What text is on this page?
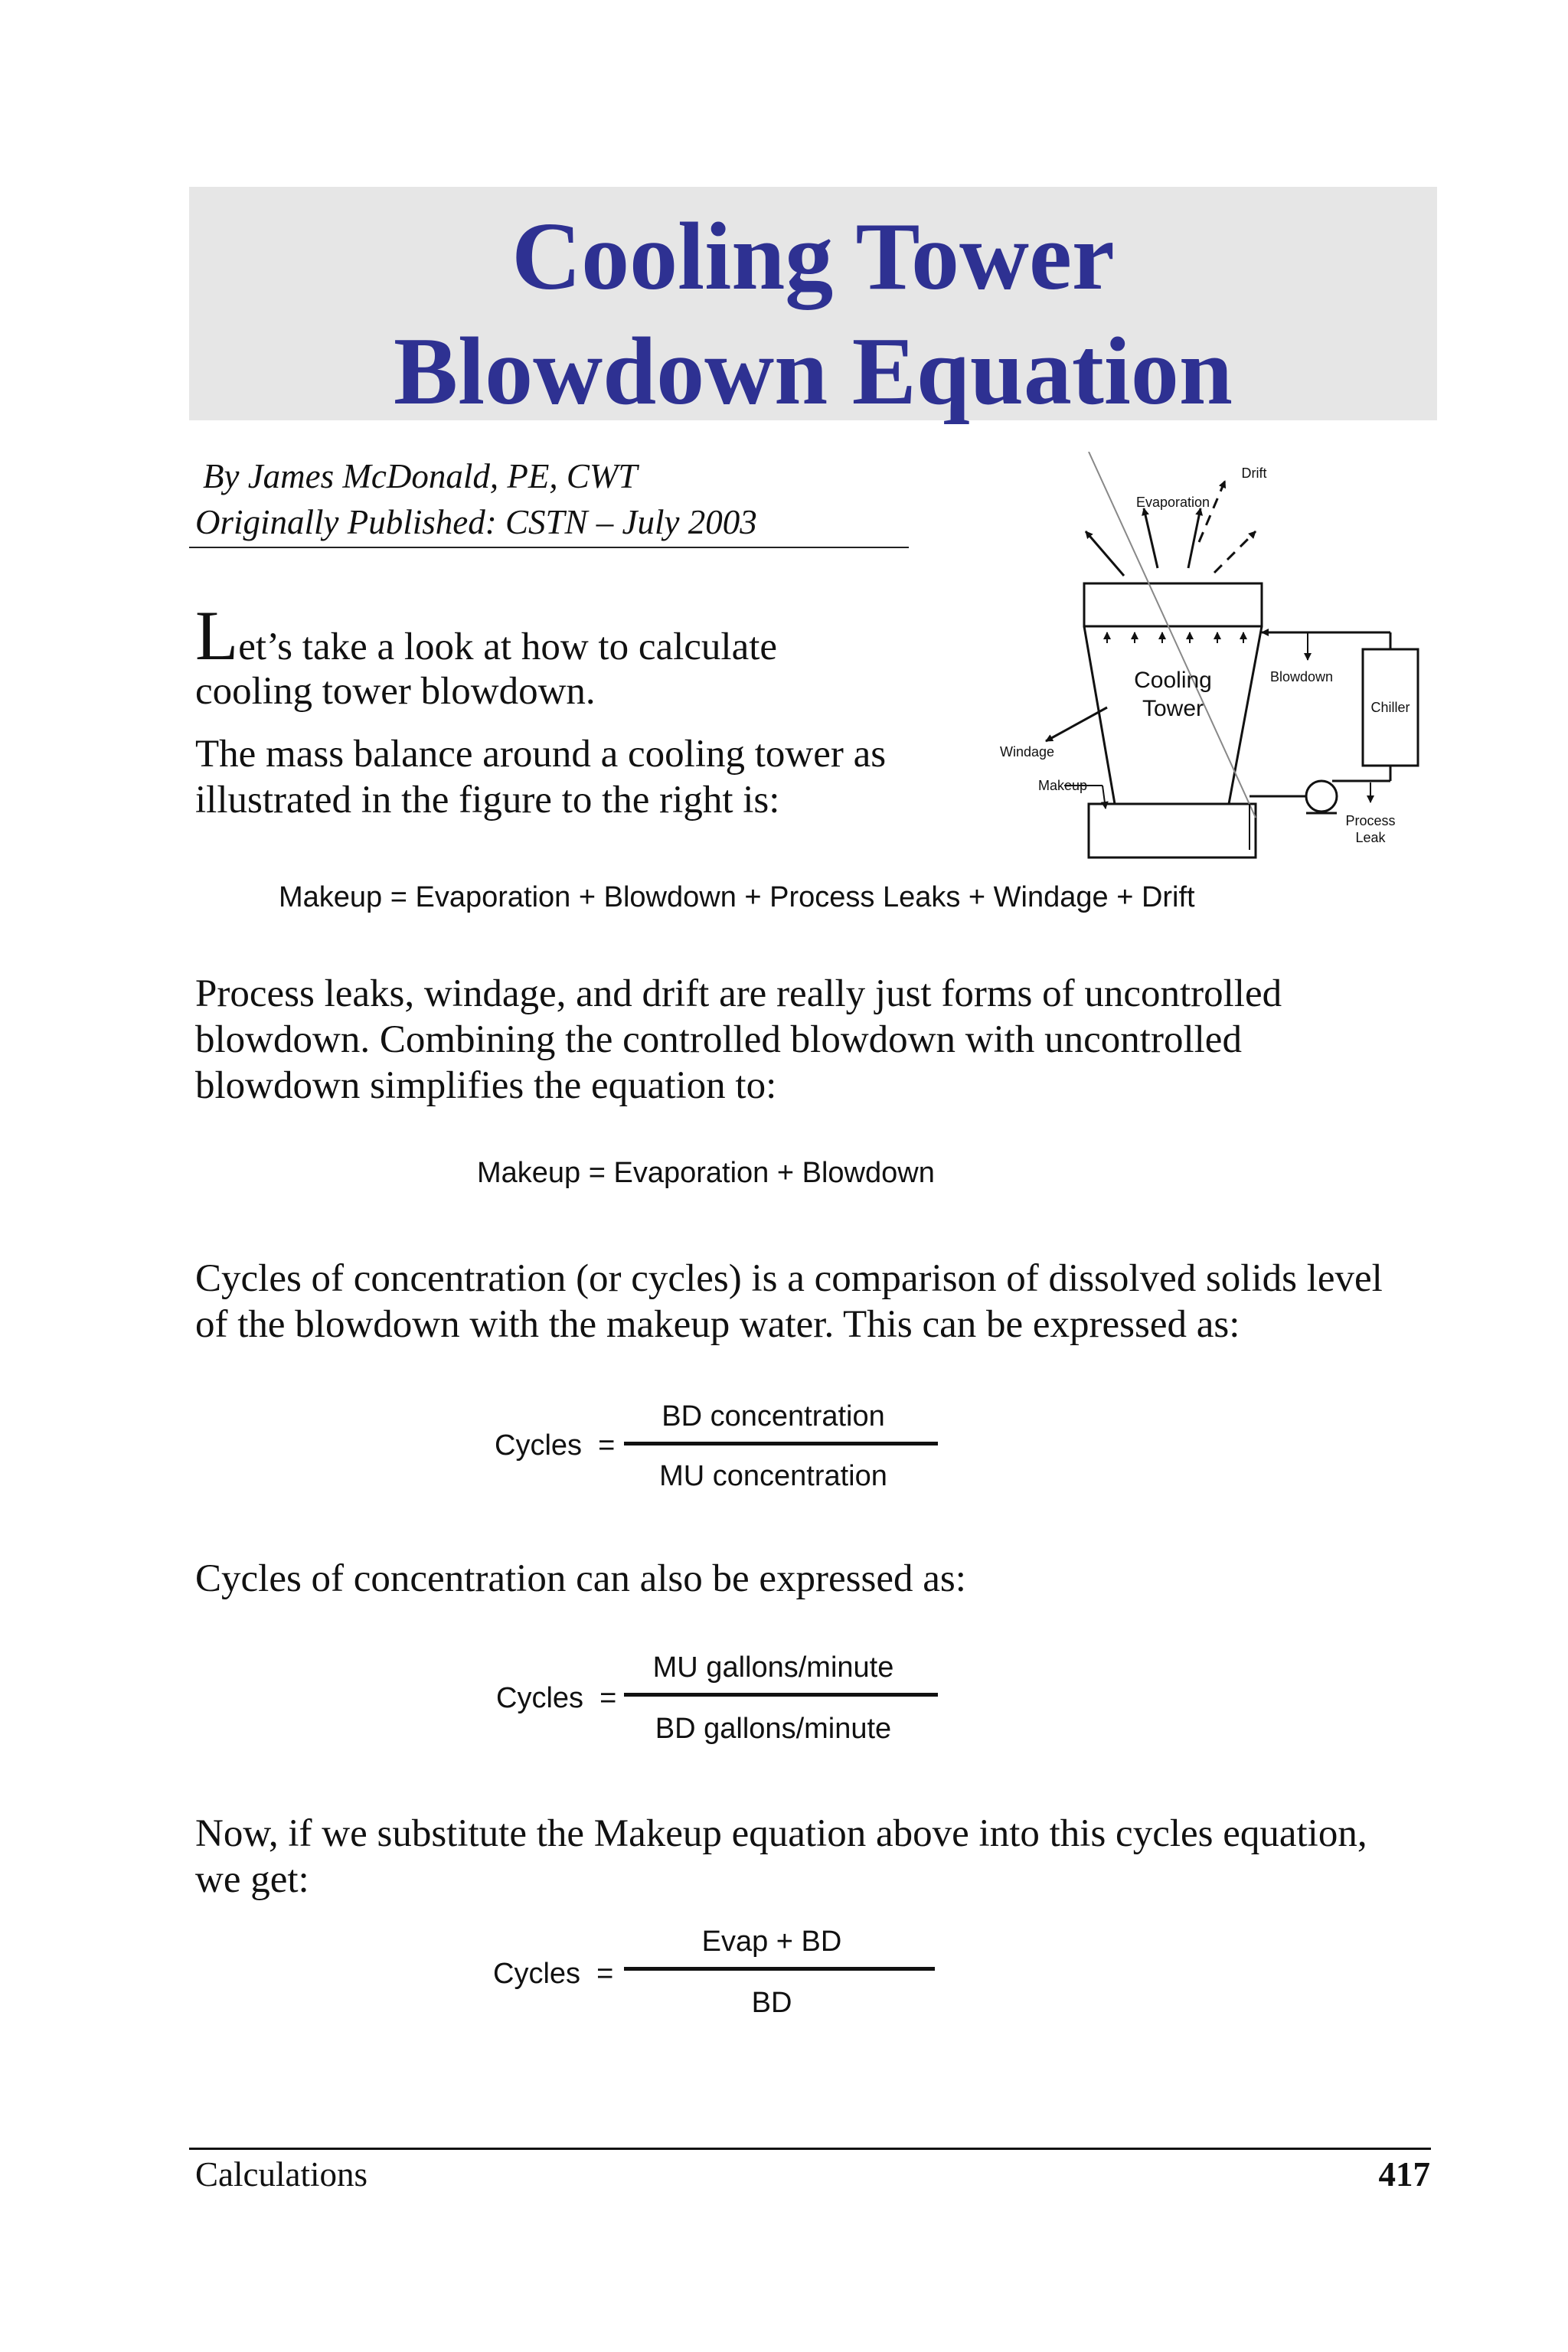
Cooling Tower
Blowdown Equation
By James McDonald, PE, CWT
Originally Published: CSTN – July 2003
Let’s take a look at how to calculate
cooling tower blowdown.
The mass balance around a cooling tower as
illustrated in the figure to the right is:
Drift
Evaporation
Cooling
Tower
Windage
Makeup
Chiller
Blowdown
Process
Leak
Makeup = Evaporation + Blowdown + Process Leaks + Windage + Drift
Process leaks, windage, and drift are really just forms of uncontrolled
blowdown. Combining the controlled blowdown with uncontrolled
blowdown simplifies the equation to:
Makeup = Evaporation + Blowdown
Cycles of concentration (or cycles) is a comparison of dissolved solids level
of the blowdown with the makeup water. This can be expressed as:
Cycles =
BD concentration
MU concentration
Cycles of concentration can also be expressed as:
Cycles =
MU gallons/minute
BD gallons/minute
Now, if we substitute the Makeup equation above into this cycles equation,
we get:
Cycles =
Evap + BD
BD
Calculations	417
